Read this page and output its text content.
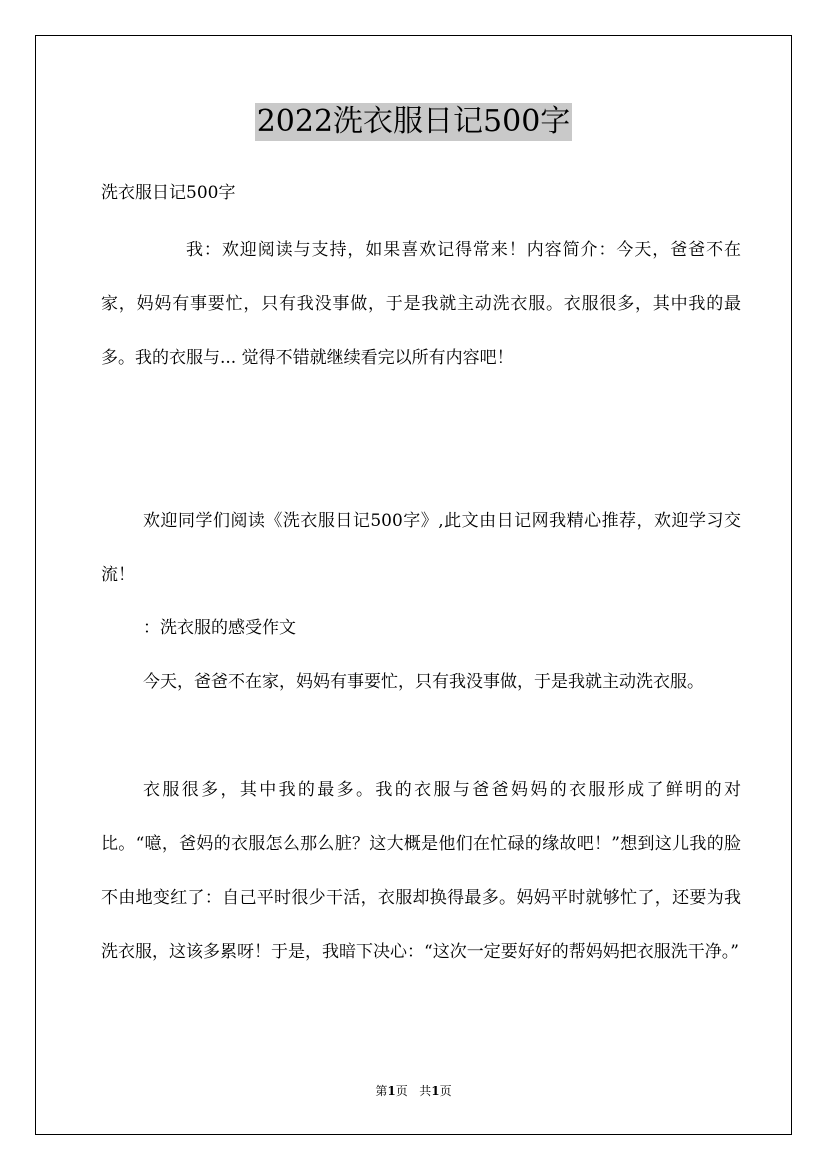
2022洗衣服日记500字
洗衣服日记500字

我：欢迎阅读与支持，如果喜欢记得常来！内容简介：今天，爸爸不在家，妈妈有事要忙，只有我没事做，于是我就主动洗衣服。衣服很多，其中我的最多。我的衣服与... 觉得不错就继续看完以所有内容吧！

欢迎同学们阅读《洗衣服日记500字》,此文由日记网我精心推荐，欢迎学习交流！

：洗衣服的感受作文

今天，爸爸不在家，妈妈有事要忙，只有我没事做，于是我就主动洗衣服。

衣服很多，其中我的最多。我的衣服与爸爸妈妈的衣服形成了鲜明的对比。“噫，爸妈的衣服怎么那么脏？这大概是他们在忙碌的缘故吧！”想到这儿我的脸不由地变红了：自己平时很少干活，衣服却换得最多。妈妈平时就够忙了，还要为我洗衣服，这该多累呀！于是，我暗下决心：“这次一定要好好的帮妈妈把衣服洗干净。”

第1页 共1页
